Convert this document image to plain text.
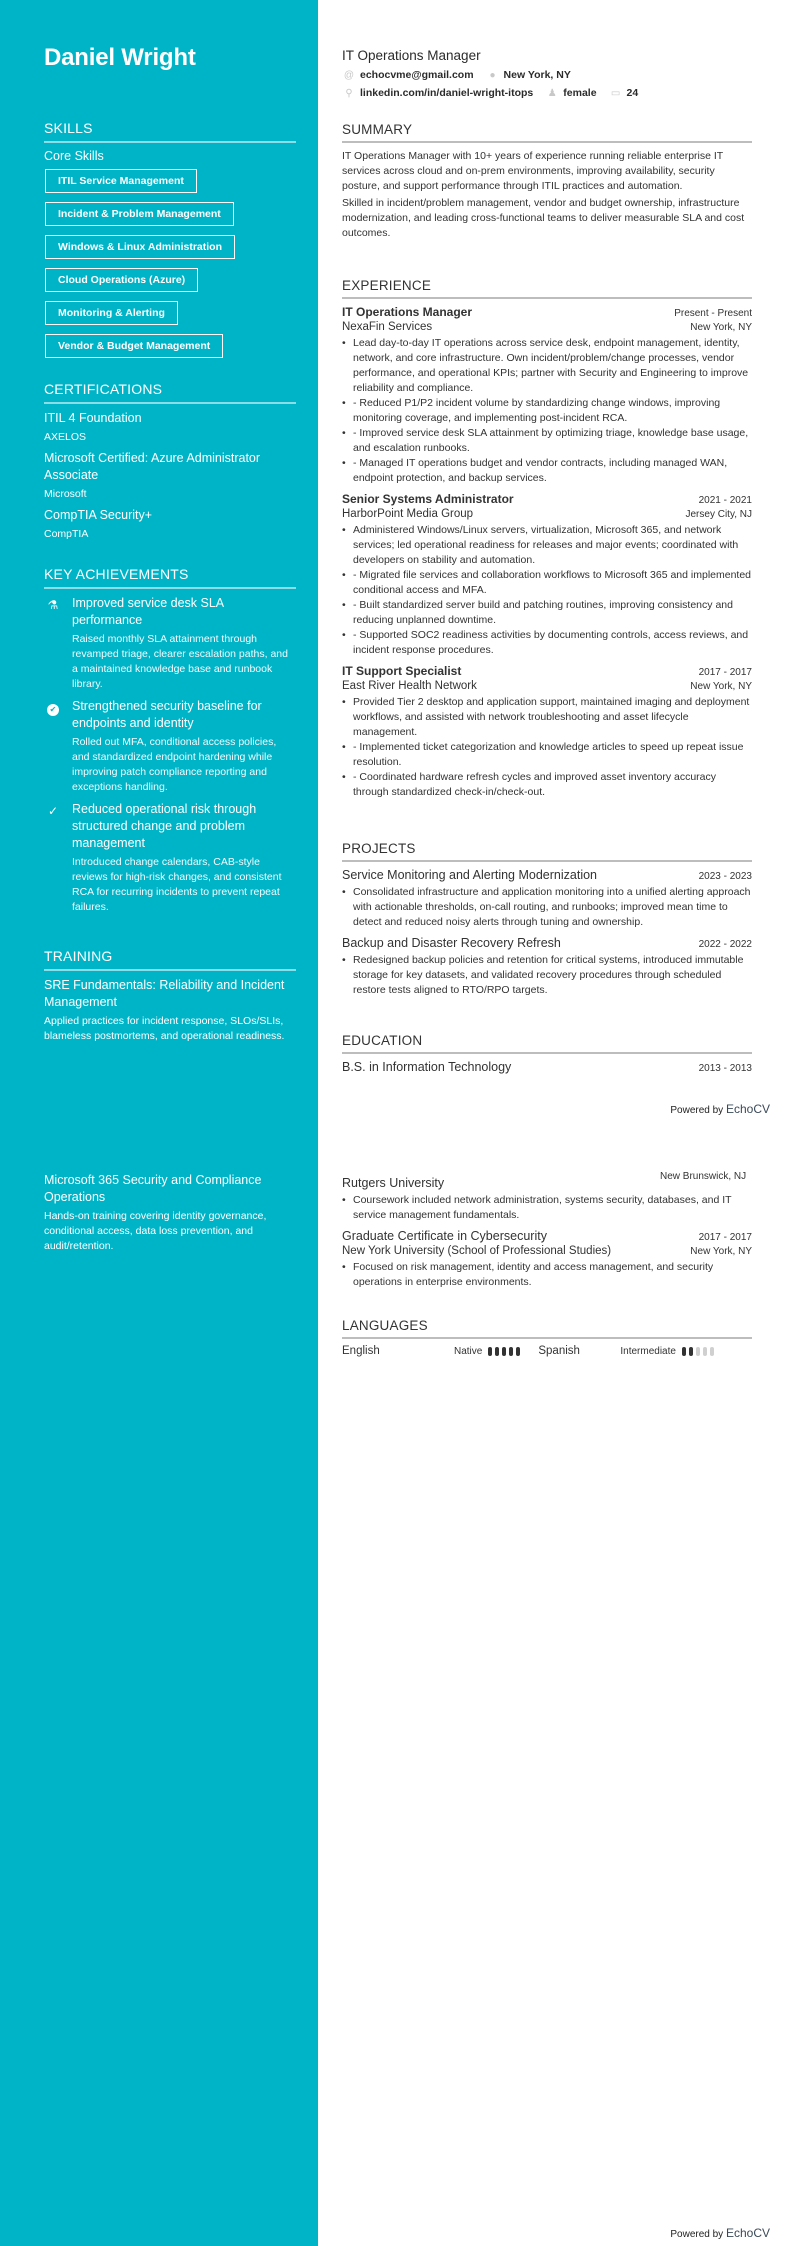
Daniel Wright
SKILLS
Core Skills
ITIL Service Management
Incident & Problem Management
Windows & Linux Administration
Cloud Operations (Azure)
Monitoring & Alerting
Vendor & Budget Management
CERTIFICATIONS
ITIL 4 Foundation
AXELOS
Microsoft Certified: Azure Administrator Associate
Microsoft
CompTIA Security+
CompTIA
KEY ACHIEVEMENTS
⚗ Improved service desk SLA performance
Raised monthly SLA attainment through revamped triage, clearer escalation paths, and a maintained knowledge base and runbook library.
✔ Strengthened security baseline for endpoints and identity
Rolled out MFA, conditional access policies, and standardized endpoint hardening while improving patch compliance reporting and exceptions handling.
✓ Reduced operational risk through structured change and problem management
Introduced change calendars, CAB-style reviews for high-risk changes, and consistent RCA for recurring incidents to prevent repeat failures.
TRAINING
SRE Fundamentals: Reliability and Incident Management
Applied practices for incident response, SLOs/SLIs, blameless postmortems, and operational readiness.
Microsoft 365 Security and Compliance Operations
Hands-on training covering identity governance, conditional access, data loss prevention, and audit/retention.
IT Operations Manager
@ echocvme@gmail.com	● New York, NY
⚲ linkedin.com/in/daniel-wright-itops ♟ female ▭ 24
SUMMARY

IT Operations Manager with 10+ years of experience running reliable enterprise IT services across cloud and on-prem environments, improving availability, security posture, and support performance through ITIL practices and automation.

Skilled in incident/problem management, vendor and budget ownership, infrastructure modernization, and leading cross-functional teams to deliver measurable SLA and cost outcomes.

EXPERIENCE
IT Operations Manager	Present - Present
NexaFin Services	New York, NY
• Lead day-to-day IT operations across service desk, endpoint management, identity, network, and core infrastructure. Own incident/problem/change processes, vendor performance, and operational KPIs; partner with Security and Engineering to improve reliability and compliance.
• - Reduced P1/P2 incident volume by standardizing change windows, improving monitoring coverage, and implementing post-incident RCA.
• - Improved service desk SLA attainment by optimizing triage, knowledge base usage, and escalation runbooks.
• - Managed IT operations budget and vendor contracts, including managed WAN, endpoint protection, and backup services.
Senior Systems Administrator	2021 - 2021
HarborPoint Media Group	Jersey City, NJ
• Administered Windows/Linux servers, virtualization, Microsoft 365, and network services; led operational readiness for releases and major events; coordinated with developers on stability and automation.
• - Migrated file services and collaboration workflows to Microsoft 365 and implemented conditional access and MFA.
• - Built standardized server build and patching routines, improving consistency and reducing unplanned downtime.
• - Supported SOC2 readiness activities by documenting controls, access reviews, and incident response procedures.
IT Support Specialist	2017 - 2017
East River Health Network	New York, NY
• Provided Tier 2 desktop and application support, maintained imaging and deployment workflows, and assisted with network troubleshooting and asset lifecycle management.
• - Implemented ticket categorization and knowledge articles to speed up repeat issue resolution.
• - Coordinated hardware refresh cycles and improved asset inventory accuracy through standardized check-in/check-out.
PROJECTS
Service Monitoring and Alerting Modernization	2023 - 2023
• Consolidated infrastructure and application monitoring into a unified alerting approach with actionable thresholds, on-call routing, and runbooks; improved mean time to detect and reduced noisy alerts through tuning and ownership.
Backup and Disaster Recovery Refresh	2022 - 2022
• Redesigned backup policies and retention for critical systems, introduced immutable storage for key datasets, and validated recovery procedures through scheduled restore tests aligned to RTO/RPO targets.
EDUCATION
B.S. in Information Technology	2013 - 2013
Powered by EchoCV
Rutgers University	New Brunswick, NJ
• Coursework included network administration, systems security, databases, and IT service management fundamentals.
Graduate Certificate in Cybersecurity	2017 - 2017
New York University (School of Professional Studies)	New York, NY
• Focused on risk management, identity and access management, and security operations in enterprise environments.
LANGUAGES
English	Native	Spanish	Intermediate
Powered by EchoCV
